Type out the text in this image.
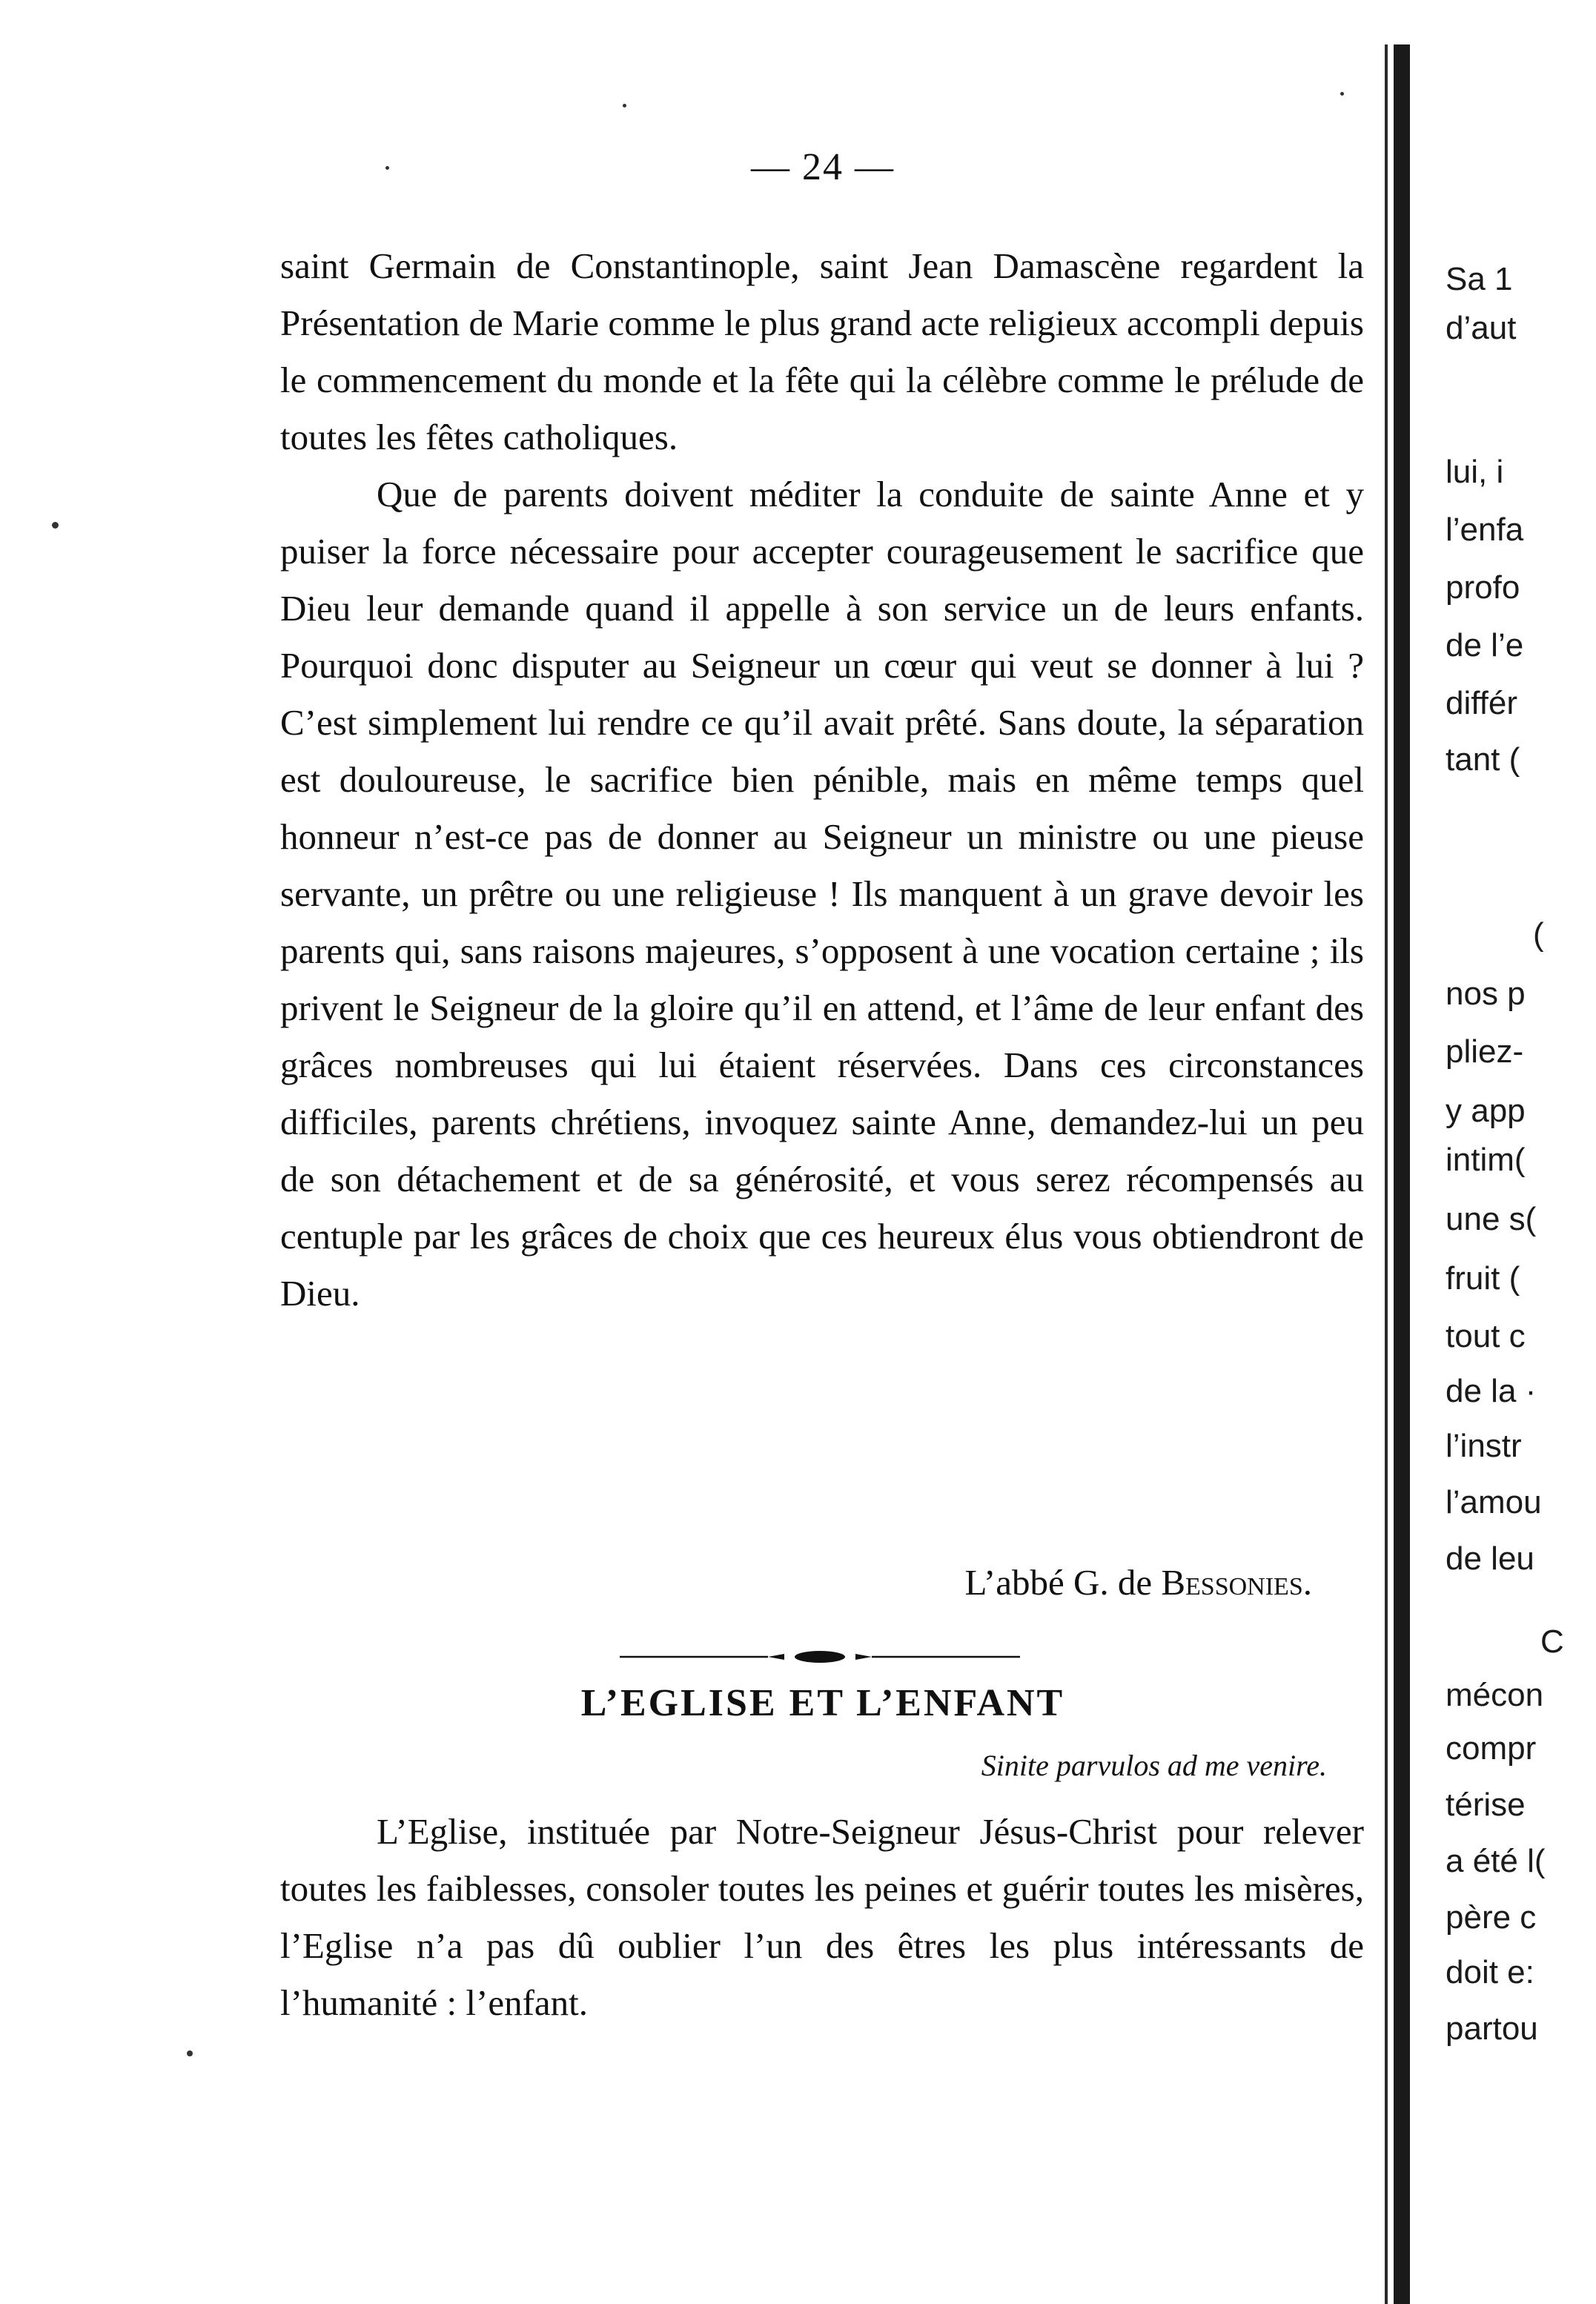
— 24 —

saint Germain de Constantinople, saint Jean Damascène regardent la Présentation de Marie comme le plus grand acte religieux accompli depuis le commencement du monde et la fête qui la célèbre comme le prélude de toutes les fêtes catholiques.

Que de parents doivent méditer la conduite de sainte Anne et y puiser la force nécessaire pour accepter courageusement le sacrifice que Dieu leur demande quand il appelle à son service un de leurs enfants. Pourquoi donc disputer au Seigneur un cœur qui veut se donner à lui ? C’est simplement lui rendre ce qu’il avait prêté. Sans doute, la séparation est douloureuse, le sacrifice bien pénible, mais en même temps quel honneur n’est-ce pas de donner au Seigneur un ministre ou une pieuse servante, un prêtre ou une religieuse ! Ils manquent à un grave devoir les parents qui, sans raisons majeures, s’opposent à une vocation certaine ; ils privent le Seigneur de la gloire qu’il en attend, et l’âme de leur enfant des grâces nombreuses qui lui étaient réservées. Dans ces circonstances difficiles, parents chrétiens, invoquez sainte Anne, demandez-lui un peu de son détachement et de sa générosité, et vous serez récompensés au centuple par les grâces de choix que ces heureux élus vous obtiendront de Dieu.

L’abbé G. de Bessonies.
L’EGLISE ET L’ENFANT
Sinite parvulos ad me venire.

L’Eglise, instituée par Notre-Seigneur Jésus-Christ pour relever toutes les faiblesses, consoler toutes les peines et guérir toutes les misères, l’Eglise n’a pas dû oublier l’un des êtres les plus intéressants de l’humanité : l’enfant.

Sa 1
d’aut
lui, i
l’enfa
profo
de l’e
différ
tant (
(
nos p
pliez-
y app
intim(
une s(
fruit (
tout c
de la ·
l’instr
l’amou
de leu
C
mécon
compr
térise
a été l(
père c
doit e:
partou
